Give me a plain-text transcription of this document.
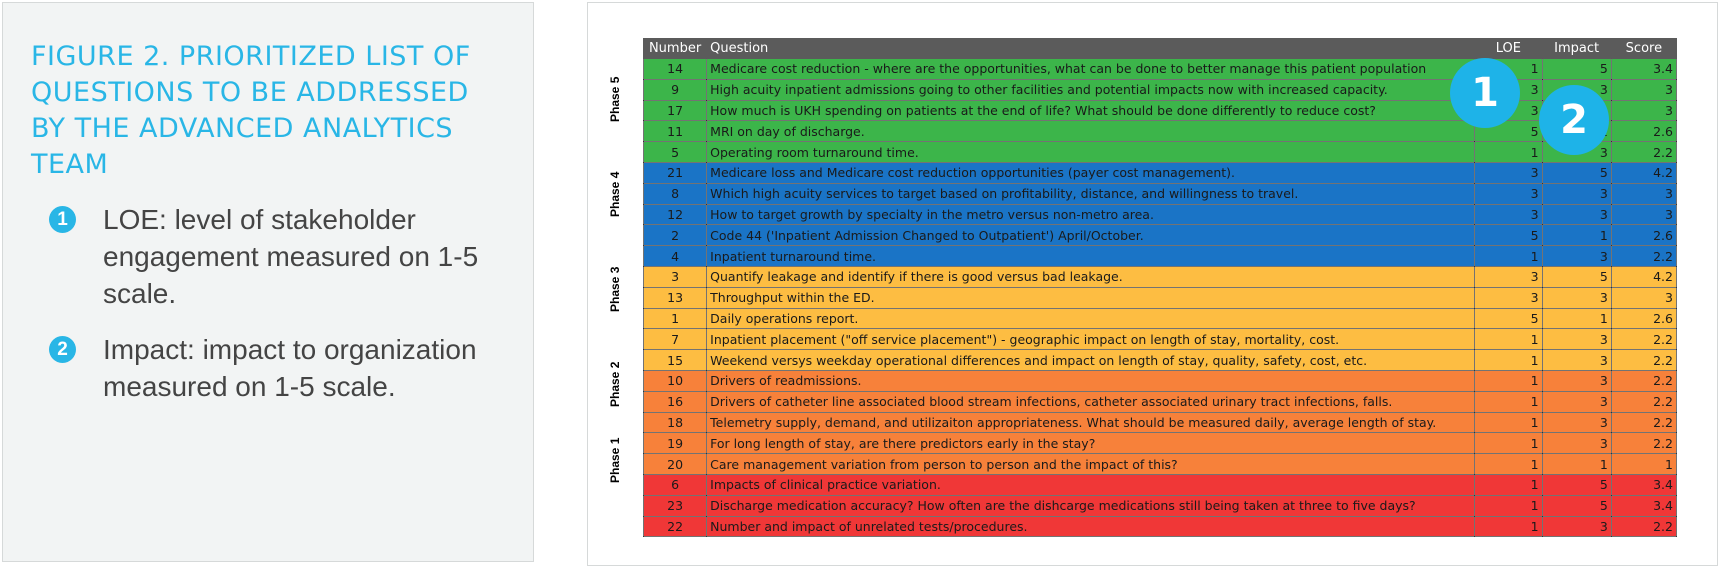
FIGURE 2. PRIORITIZED LIST OF QUESTIONS TO BE ADDRESSED BY THE ADVANCED ANALYTICS TEAM
1 LOE: level of stakeholder engagement measured on 1-5 scale.
2 Impact: impact to organization measured on 1-5 scale.
Phase 5
Phase 4
Phase 3
Phase 2
Phase 1
Number	Question	LOE	Impact	Score
14	Medicare cost reduction - where are the opportunities, what can be done to better manage this patient population	1	5	3.4
9	High acuity inpatient admissions going to other facilities and potential impacts now with increased capacity.	3	3	3
17	How much is UKH spending on patients at the end of life? What should be done differently to reduce cost?	3		3
11	MRI on day of discharge.	5		2.6
5	Operating room turnaround time.	1	3	2.2
21	Medicare loss and Medicare cost reduction opportunities (payer cost management).	3	5	4.2
8	Which high acuity services to target based on profitability, distance, and willingness to travel.	3	3	3
12	How to target growth by specialty in the metro versus non-metro area.	3	3	3
2	Code 44 ('Inpatient Admission Changed to Outpatient') April/October.	5	1	2.6
4	Inpatient turnaround time.	1	3	2.2
3	Quantify leakage and identify if there is good versus bad leakage.	3	5	4.2
13	Throughput within the ED.	3	3	3
1	Daily operations report.	5	1	2.6
7	Inpatient placement ("off service placement") - geographic impact on length of stay, mortality, cost.	1	3	2.2
15	Weekend versys weekday operational differences and impact on length of stay, quality, safety, cost, etc.	1	3	2.2
10	Drivers of readmissions.	1	3	2.2
16	Drivers of catheter line associated blood stream infections, catheter associated urinary tract infections, falls.	1	3	2.2
18	Telemetry supply, demand, and utilizaiton appropriateness. What should be measured daily, average length of stay.	1	3	2.2
19	For long length of stay, are there predictors early in the stay?	1	3	2.2
20	Care management variation from person to person and the impact of this?	1	1	1
6	Impacts of clinical practice variation.	1	5	3.4
23	Discharge medication accuracy? How often are the dishcarge medications still being taken at three to five days?	1	5	3.4
22	Number and impact of unrelated tests/procedures.	1	3	2.2
1
2
